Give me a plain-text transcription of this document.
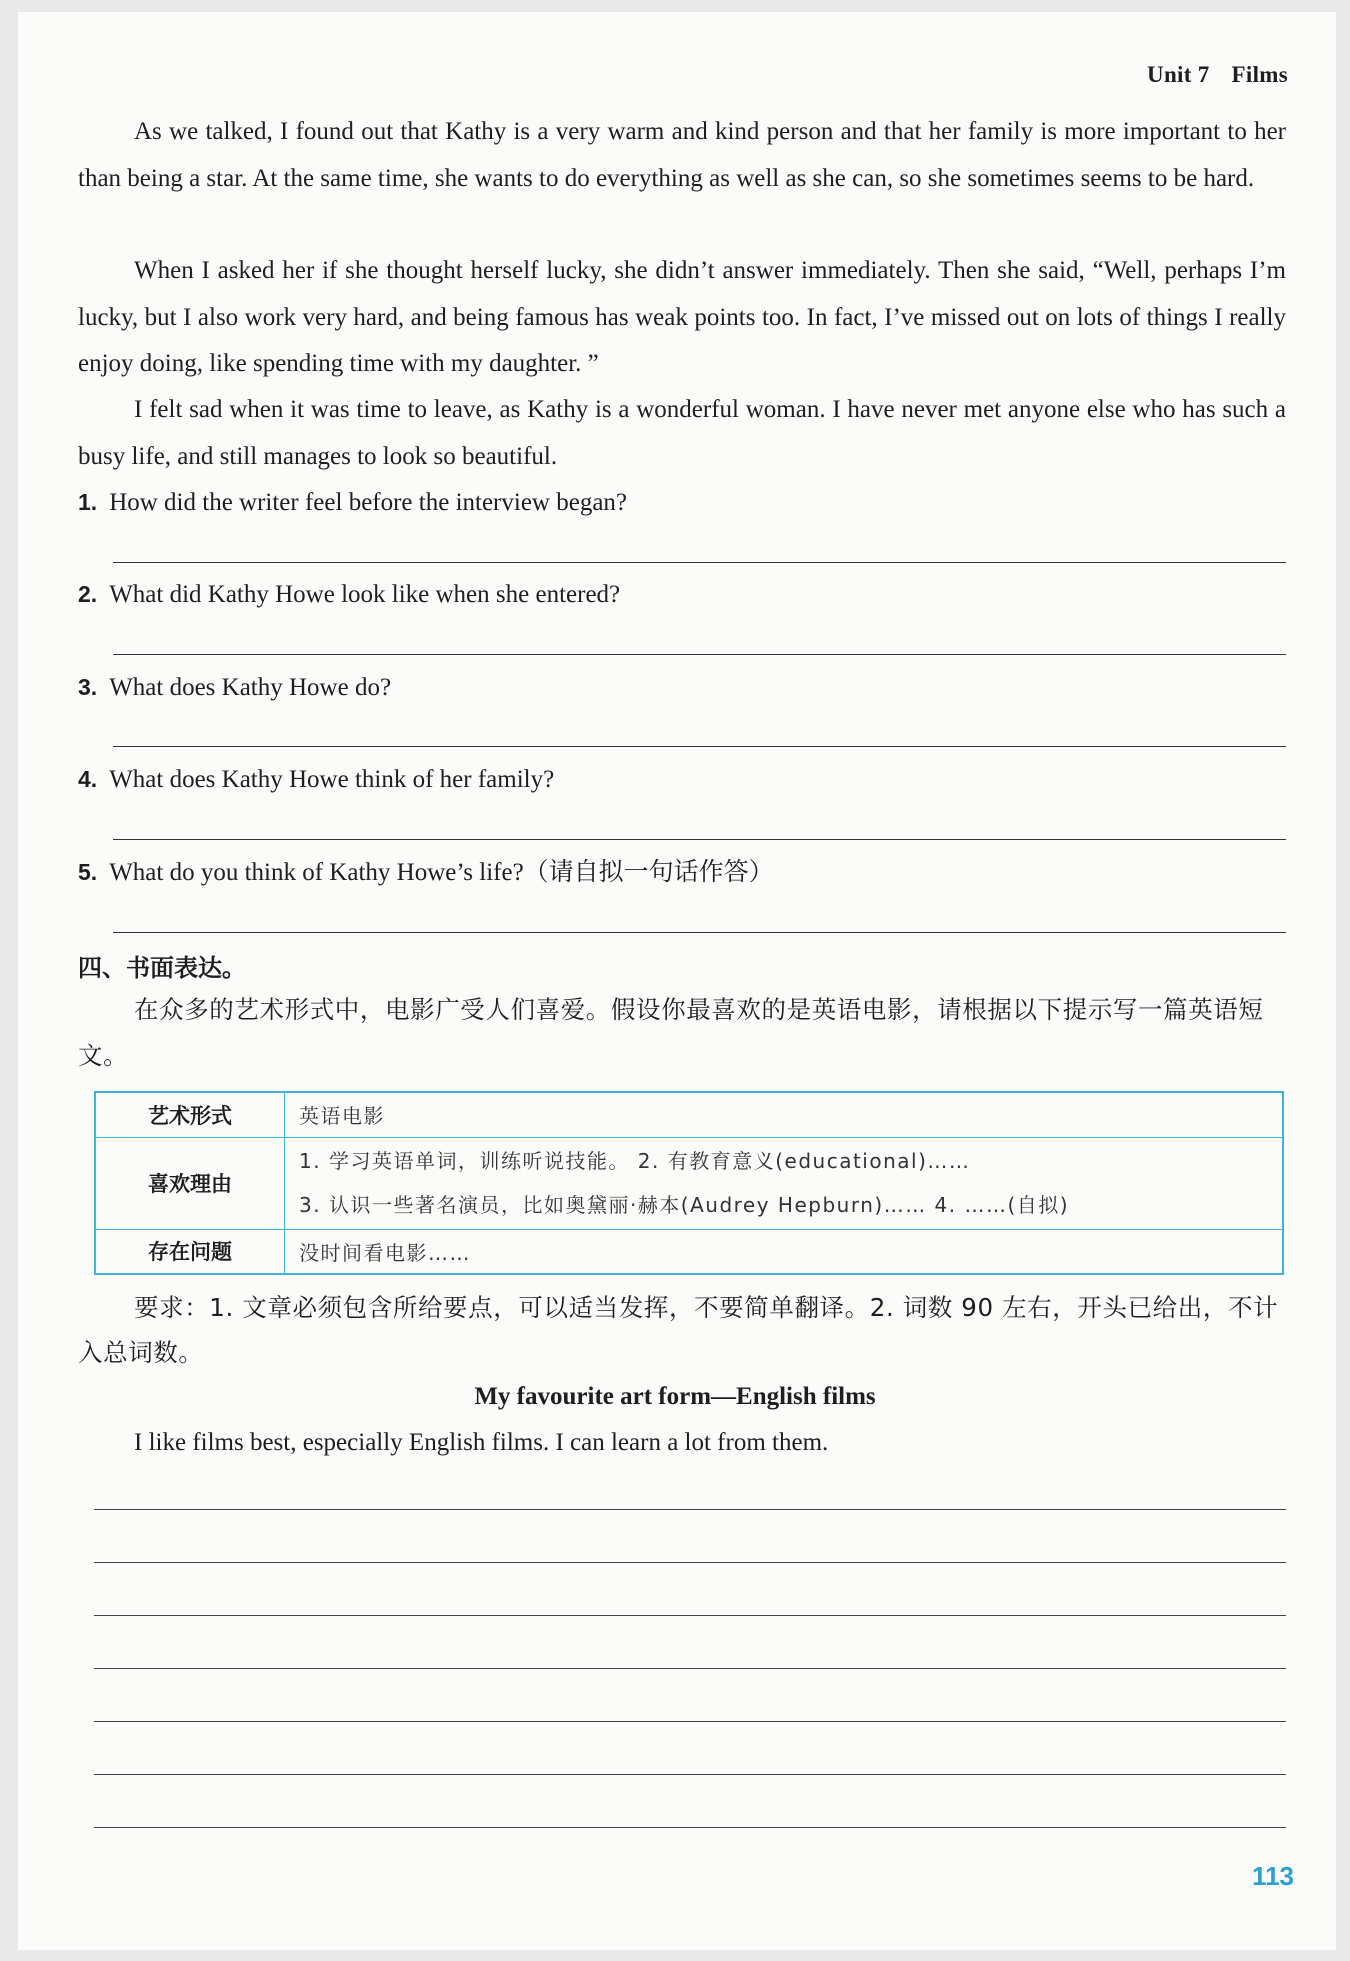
Unit 7 Films

As we talked, I found out that Kathy is a very warm and kind person and that her family is more important to her than being a star. At the same time, she wants to do everything as well as she can, so she sometimes seems to be hard.

When I asked her if she thought herself lucky, she didn’t answer immediately. Then she said, “Well, perhaps I’m lucky, but I also work very hard, and being famous has weak points too. In fact, I’ve missed out on lots of things I really enjoy doing, like spending time with my daughter. ”

I felt sad when it was time to leave, as Kathy is a wonderful woman. I have never met anyone else who has such a busy life, and still manages to look so beautiful.

1. How did the writer feel before the interview began?
2. What did Kathy Howe look like when she entered?
3. What does Kathy Howe do?
4. What does Kathy Howe think of her family?
5. What do you think of Kathy Howe’s life?（请自拟一句话作答）
四、书面表达。

在众多的艺术形式中，电影广受人们喜爱。假设你最喜欢的是英语电影，请根据以下提示写一篇英语短文。

艺术形式	英语电影
喜欢理由	1. 学习英语单词，训练听说技能。 2. 有教育意义(educational)……
3. 认识一些著名演员，比如奥黛丽·赫本(Audrey Hepburn)…… 4. ……(自拟)

存在问题	没时间看电影……

要求：1. 文章必须包含所给要点，可以适当发挥，不要简单翻译。2. 词数 90 左右，开头已给出，不计入总词数。

My favourite art form—English films
I like films best, especially English films. I can learn a lot from them.
113
